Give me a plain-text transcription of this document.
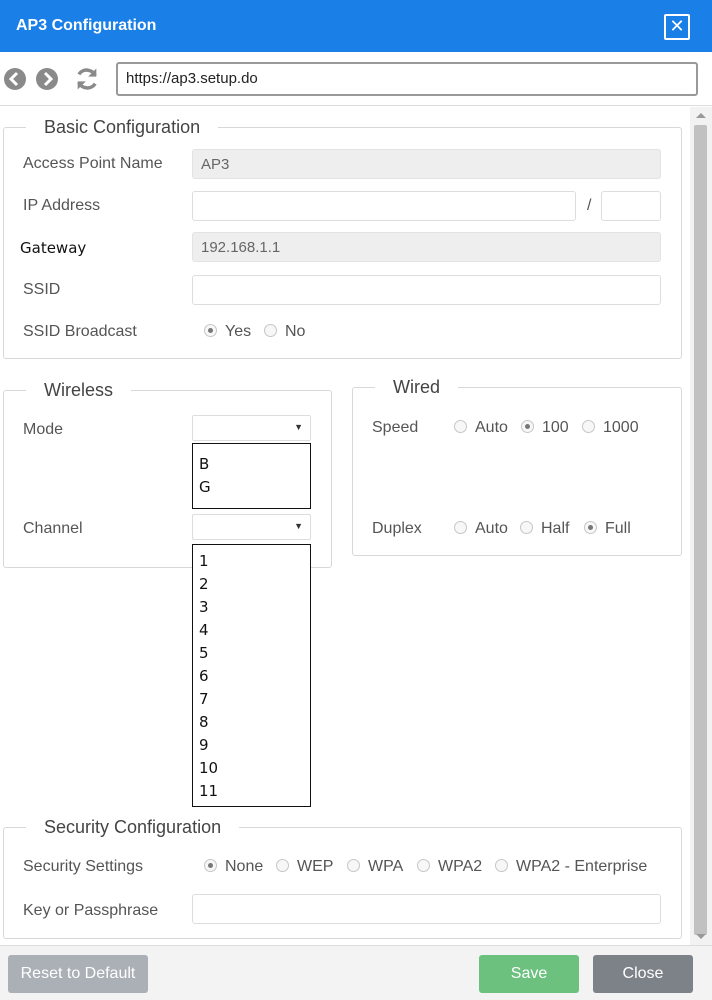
AP3 Configuration	✕
https://ap3.setup.do
Basic Configuration
Access Point Name	AP3
IP Address	/
Gateway	192.168.1.1
SSID
SSID Broadcast	Yes	No
Wireless
Mode	▼
B
G
Channel	▼
1
2
3
4
5
6
7
8
9
10
11
Wired
Speed	Auto	100	1000
Duplex	Auto	Half	Full
Security Configuration
Security Settings	None	WEP	WPA	WPA2	WPA2 - Enterprise
Key or Passphrase
Reset to Default	Save	Close
